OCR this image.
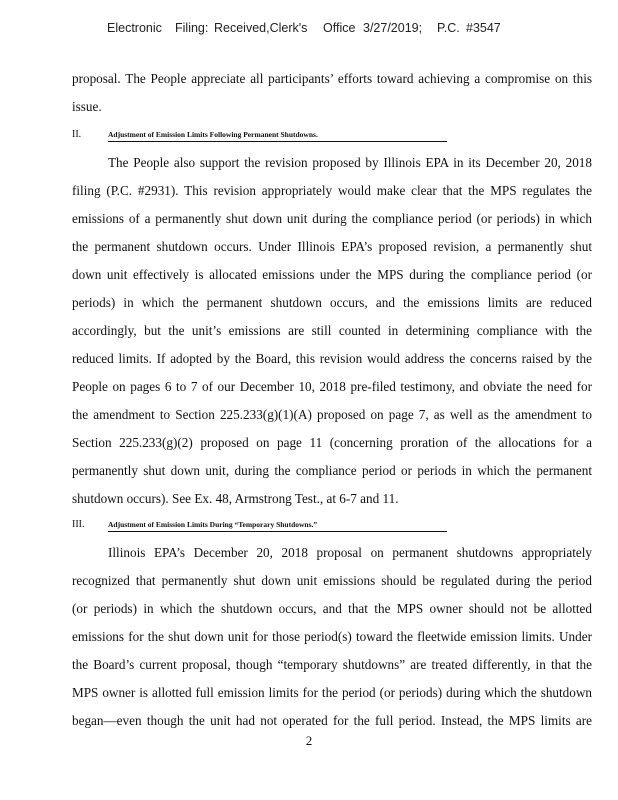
Electronic Filing: Received,Clerk's Office 3/27/2019; P.C. #3547
proposal. The People appreciate all participants’ efforts toward achieving a compromise on this
issue.
II.	Adjustment of Emission Limits Following Permanent Shutdowns.
The People also support the revision proposed by Illinois EPA in its December 20, 2018
filing (P.C. #2931). This revision appropriately would make clear that the MPS regulates the
emissions of a permanently shut down unit during the compliance period (or periods) in which
the permanent shutdown occurs. Under Illinois EPA’s proposed revision, a permanently shut
down unit effectively is allocated emissions under the MPS during the compliance period (or
periods) in which the permanent shutdown occurs, and the emissions limits are reduced
accordingly, but the unit’s emissions are still counted in determining compliance with the
reduced limits. If adopted by the Board, this revision would address the concerns raised by the
People on pages 6 to 7 of our December 10, 2018 pre-filed testimony, and obviate the need for
the amendment to Section 225.233(g)(1)(A) proposed on page 7, as well as the amendment to
Section 225.233(g)(2) proposed on page 11 (concerning proration of the allocations for a
permanently shut down unit, during the compliance period or periods in which the permanent
shutdown occurs). See Ex. 48, Armstrong Test., at 6-7 and 11.
III.	Adjustment of Emission Limits During “Temporary Shutdowns.”
Illinois EPA’s December 20, 2018 proposal on permanent shutdowns appropriately
recognized that permanently shut down unit emissions should be regulated during the period
(or periods) in which the shutdown occurs, and that the MPS owner should not be allotted
emissions for the shut down unit for those period(s) toward the fleetwide emission limits. Under
the Board’s current proposal, though “temporary shutdowns” are treated differently, in that the
MPS owner is allotted full emission limits for the period (or periods) during which the shutdown
began—even though the unit had not operated for the full period. Instead, the MPS limits are
2
